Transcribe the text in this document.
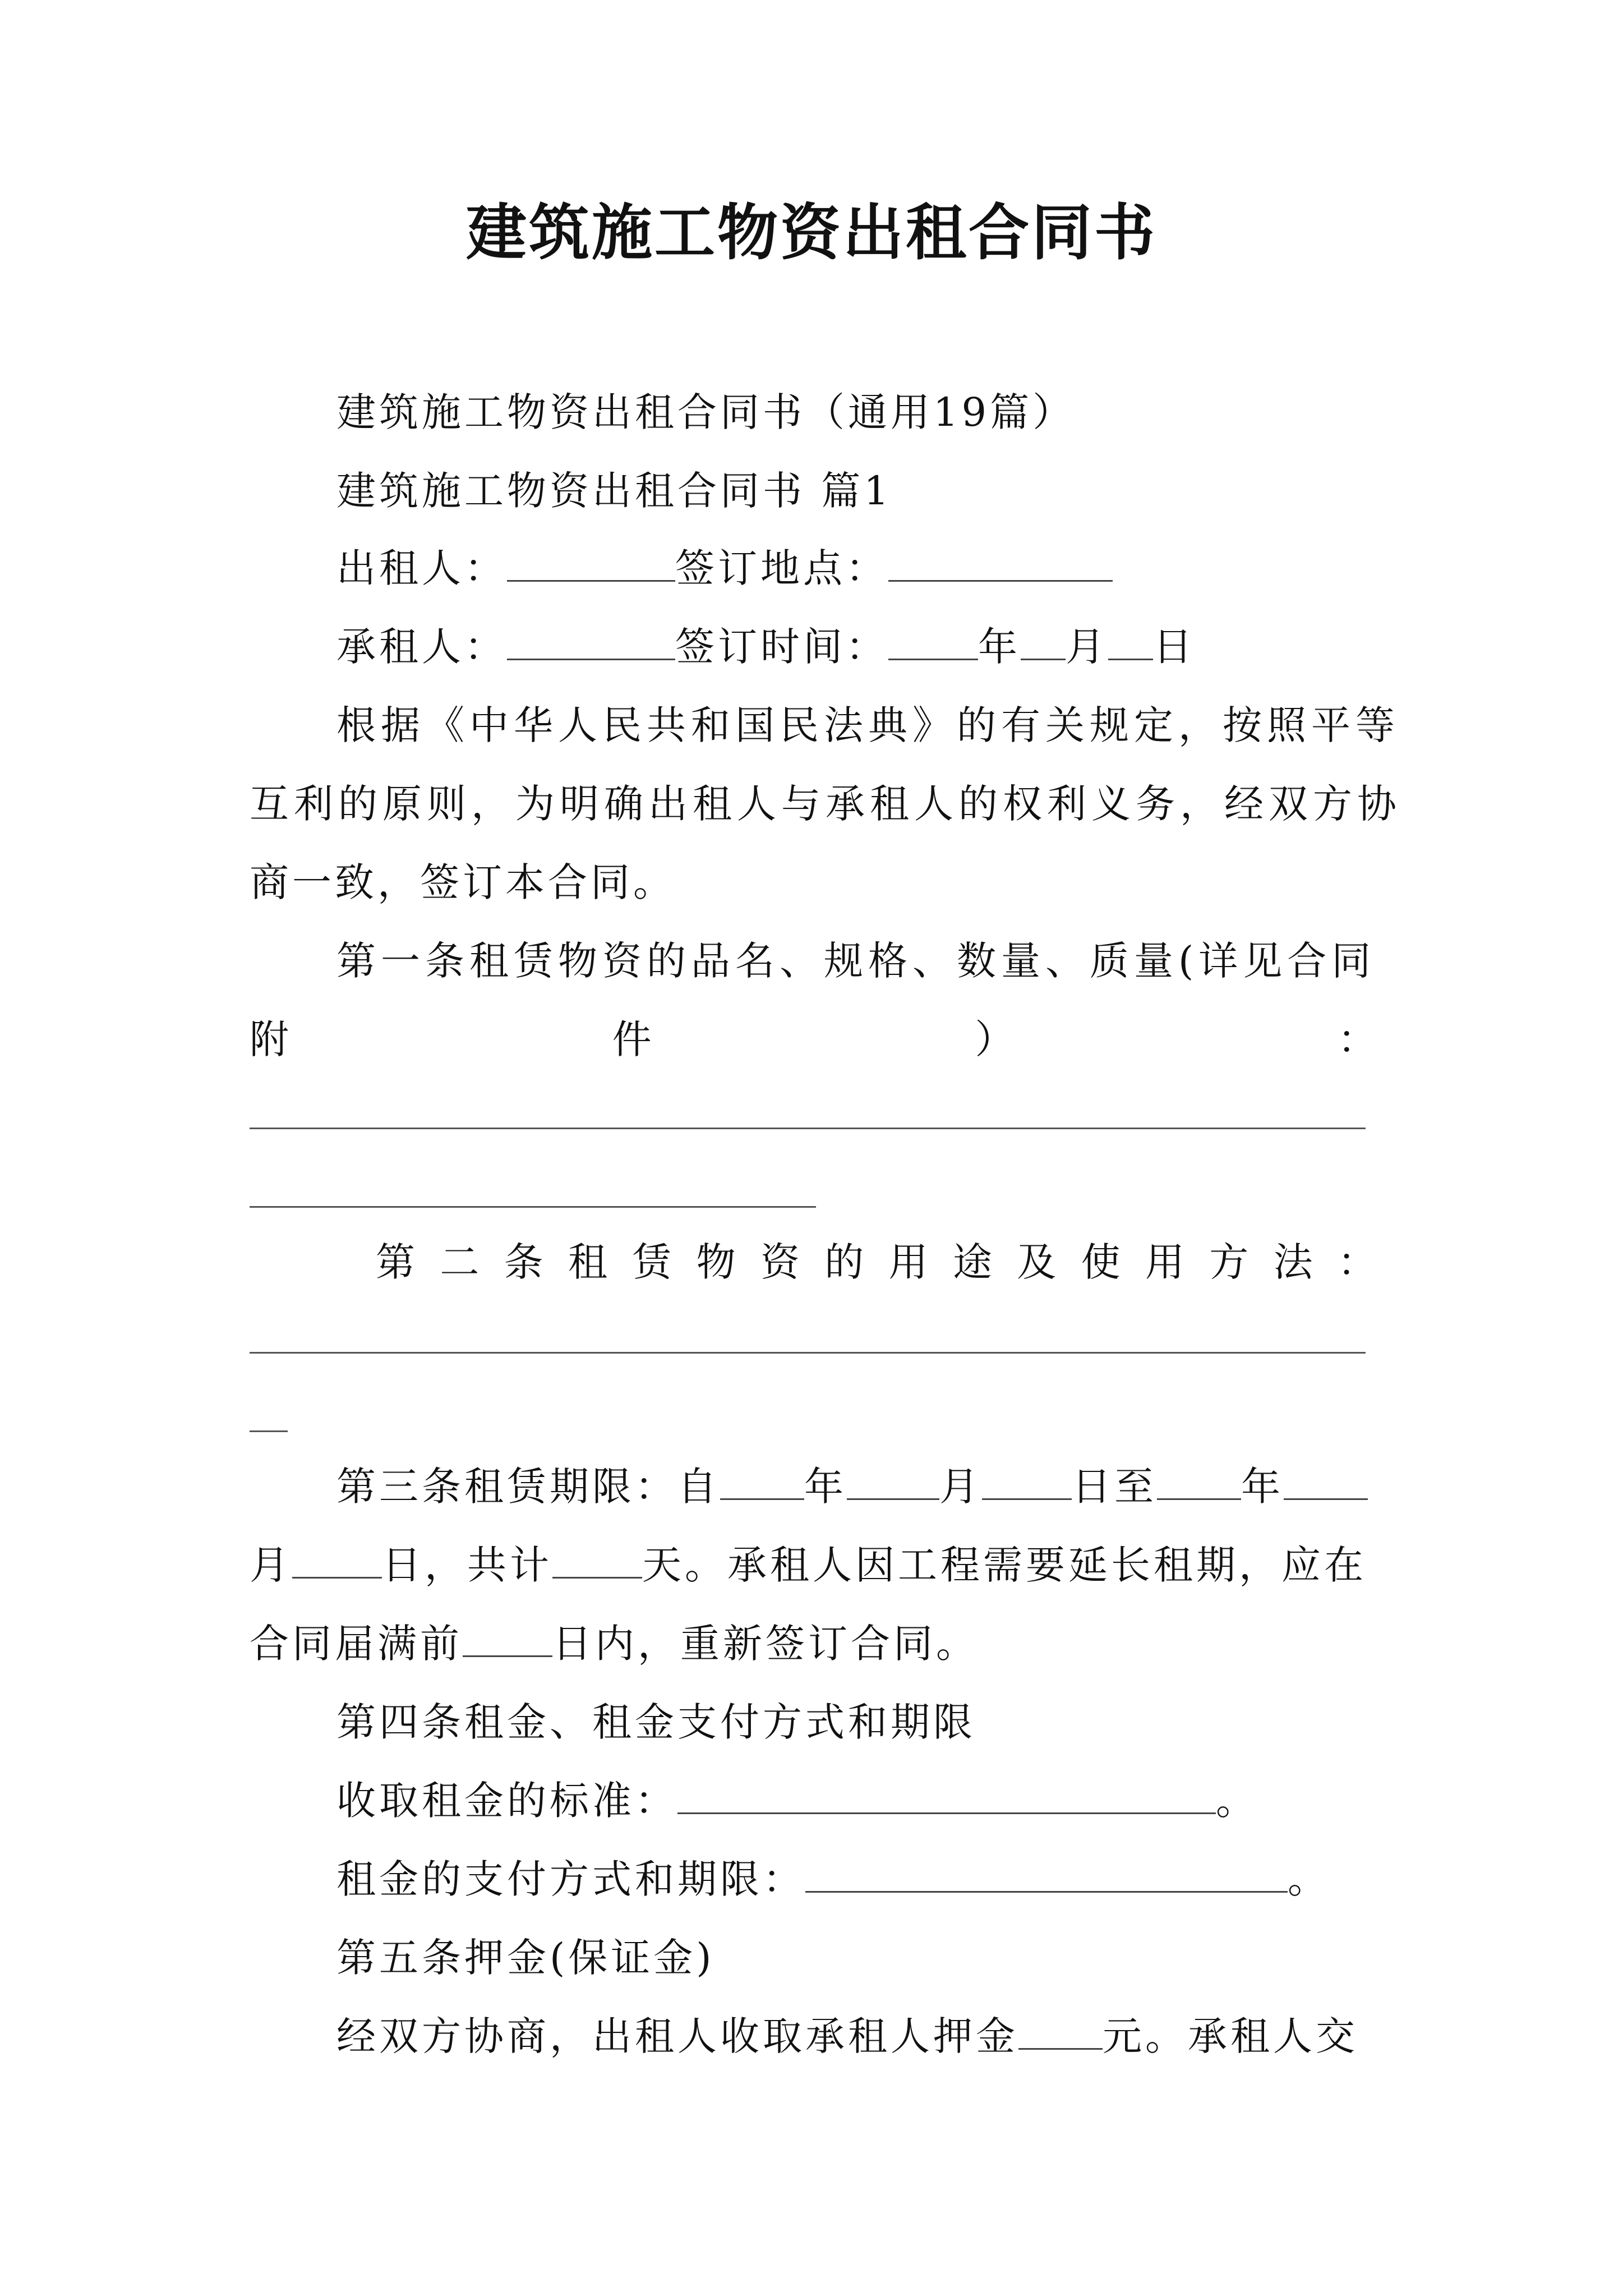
建筑施工物资出租合同书
建筑施工物资出租合同书（通用19篇）
建筑施工物资出租合同书 篇1
出租人：	签订地点：
承租人：	签订时间： 年 月 日
根据《中华人民共和国民法典》的有关规定，按照平等
互利的原则，为明确出租人与承租人的权利义务，经双方协
商一致，签订本合同。
第一条租赁物资的品名、规格、数量、质量(详见合同
附	件	）	：
第 二 条 租 赁 物 资 的 用 途 及 使 用 方 法 ：
第三条租赁期限：自 年 月 日至 年
月 日，共计 天。承租人因工程需要延长租期，应在
合同届满前 日内，重新签订合同。
第四条租金、租金支付方式和期限
收取租金的标准：	。
租金的支付方式和期限：	。
第五条押金(保证金)
经双方协商，出租人收取承租人押金 元。承租人交
